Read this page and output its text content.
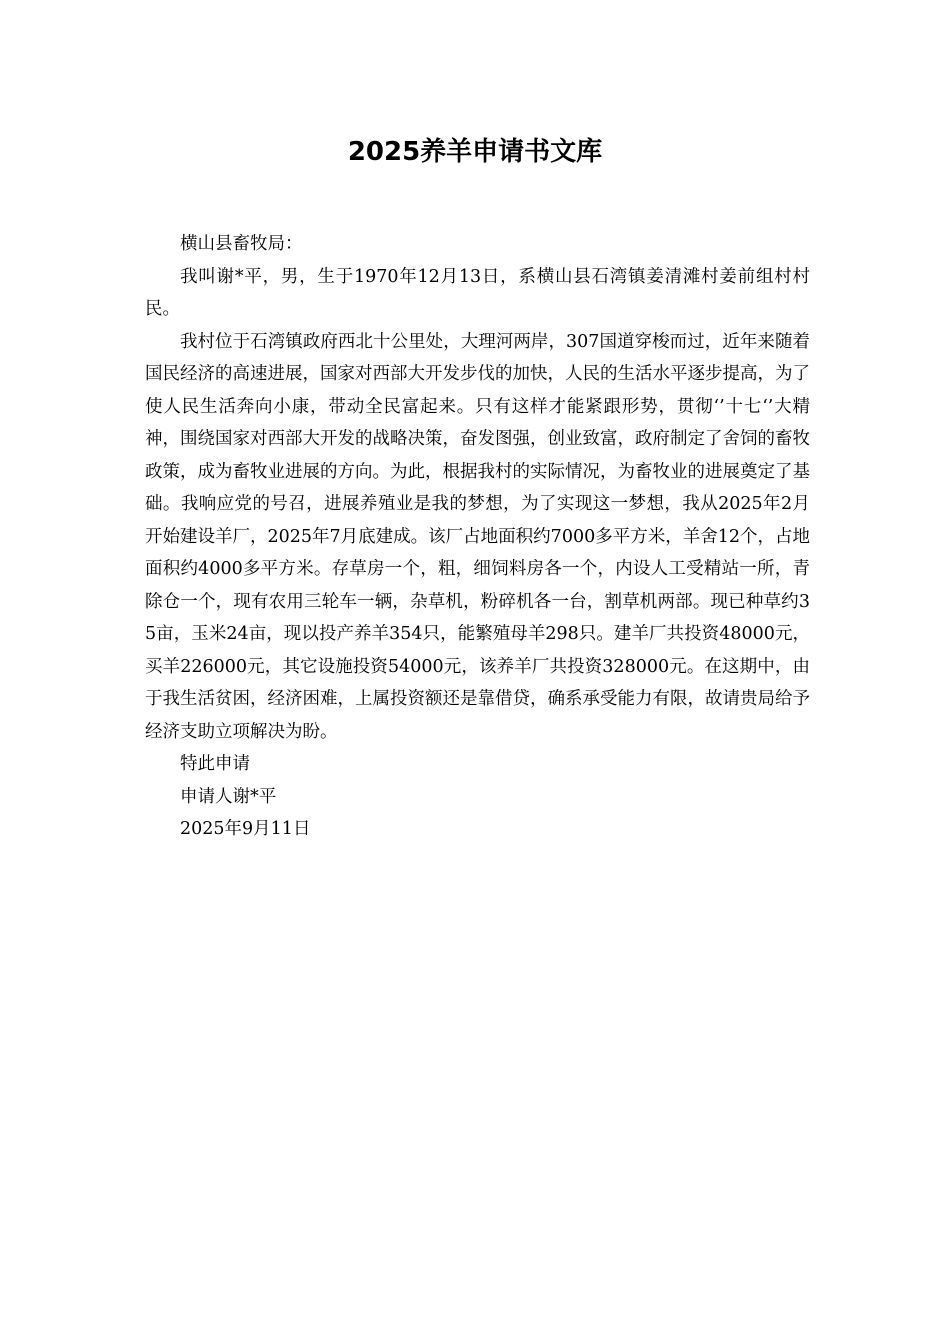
2025养羊申请书文库

横山县畜牧局：

我叫谢*平，男，生于1970年12月13日，系横山县石湾镇姜清滩村姜前组村村民。

我村位于石湾镇政府西北十公里处，大理河两岸，307国道穿梭而过，近年来随着国民经济的高速进展，国家对西部大开发步伐的加快，人民的生活水平逐步提高，为了使人民生活奔向小康，带动全民富起来。只有这样才能紧跟形势，贯彻‘’十七‘’大精神，围绕国家对西部大开发的战略决策，奋发图强，创业致富，政府制定了舍饲的畜牧政策，成为畜牧业进展的方向。为此，根据我村的实际情况，为畜牧业的进展奠定了基础。我响应党的号召，进展养殖业是我的梦想，为了实现这一梦想，我从2025年2月开始建设羊厂，2025年7月底建成。该厂占地面积约7000多平方米，羊舍12个，占地面积约4000多平方米。存草房一个，粗，细饲料房各一个，内设人工受精站一所，青除仓一个，现有农用三轮车一辆，杂草机，粉碎机各一台，割草机两部。现已种草约35亩，玉米24亩，现以投产养羊354只，能繁殖母羊298只。建羊厂共投资48000元，买羊226000元，其它设施投资54000元，该养羊厂共投资328000元。在这期中，由于我生活贫困，经济困难，上属投资额还是靠借贷，确系承受能力有限，故请贵局给予经济支助立项解决为盼。

特此申请

申请人谢*平

2025年9月11日
